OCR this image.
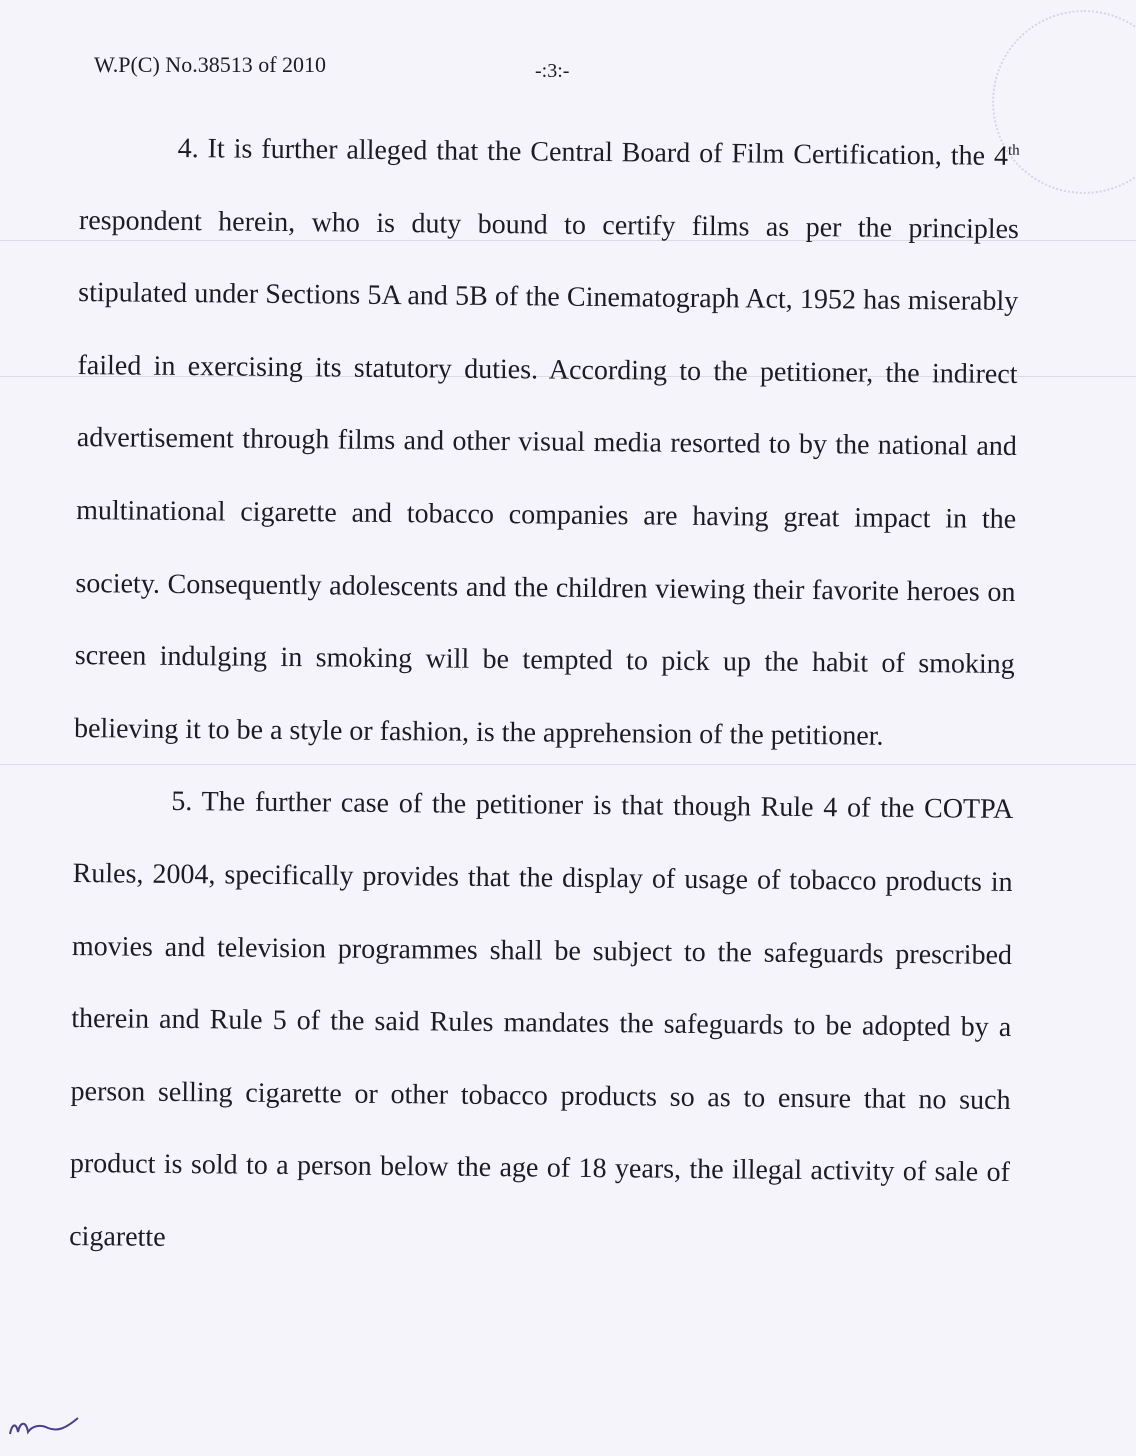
W.P(C) No.38513 of 2010	-:3:-

4. It is further alleged that the Central Board of Film Certification, the 4th respondent herein, who is duty bound to certify films as per the principles stipulated under Sections 5A and 5B of the Cinematograph Act, 1952 has miserably failed in exercising its statutory duties. According to the petitioner, the indirect advertisement through films and other visual media resorted to by the national and multinational cigarette and tobacco companies are having great impact in the society. Consequently adolescents and the children viewing their favorite heroes on screen indulging in smoking will be tempted to pick up the habit of smoking believing it to be a style or fashion, is the apprehension of the petitioner.

5. The further case of the petitioner is that though Rule 4 of the COTPA Rules, 2004, specifically provides that the display of usage of tobacco products in movies and television programmes shall be subject to the safeguards prescribed therein and Rule 5 of the said Rules mandates the safeguards to be adopted by a person selling cigarette or other tobacco products so as to ensure that no such product is sold to a person below the age of 18 years, the illegal activity of sale of cigarette
